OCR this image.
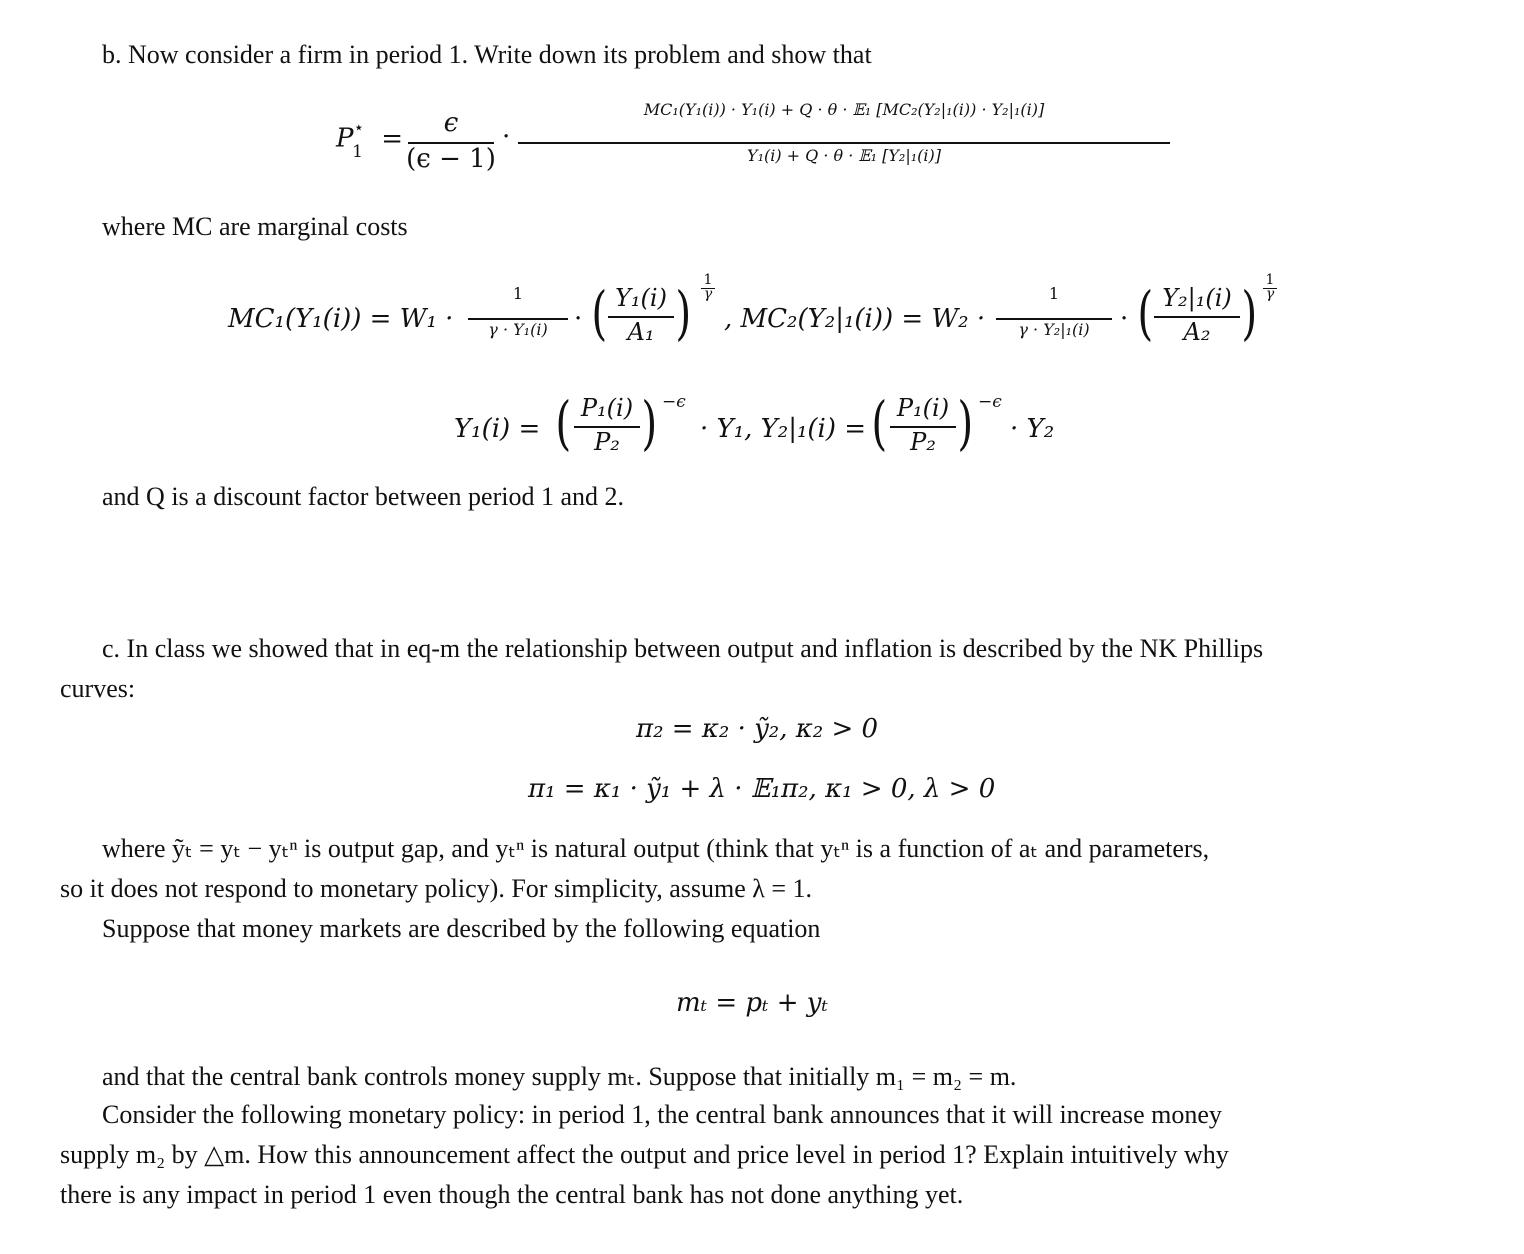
b. Now consider a firm in period 1. Write down its problem and show that
$P^⋆_1$ =
ϵ
(ϵ − 1)
·
MC₁(Y₁(i)) · Y₁(i) + Q · θ · 𝔼₁ [MC₂(Y₂|₁(i)) · Y₂|₁(i)]
Y₁(i) + Q · θ · 𝔼₁ [Y₂|₁(i)]
where MC are marginal costs
MC₁(Y₁(i)) = W₁ ·
1
γ · Y₁(i)	· ( Y₁(i)
A₁ ) 1
γ
, MC₂(Y₂|₁(i)) = W₂ ·
1
γ · Y₂|₁(i)	· ( Y₂|₁(i)
A₂ ) 1
γ
Y₁(i) = ( P₁(i)
P₂ ) −ϵ
· Y₁, Y₂|₁(i) = ( P₁(i)
P₂ ) −ϵ
· Y₂
and Q is a discount factor between period 1 and 2.
c. In class we showed that in eq-m the relationship between output and inflation is described by the NK Phillips
curves:
π₂ = κ₂ · ỹ₂, κ₂ > 0
π₁ = κ₁ · ỹ₁ + λ · 𝔼₁π₂, κ₁ > 0, λ > 0
where ỹₜ = yₜ − yₜⁿ is output gap, and yₜⁿ is natural output (think that yₜⁿ is a function of aₜ and parameters,
so it does not respond to monetary policy). For simplicity, assume λ = 1.
Suppose that money markets are described by the following equation
mₜ = pₜ + yₜ
and that the central bank controls money supply mₜ. Suppose that initially m₁ = m₂ = m.
Consider the following monetary policy: in period 1, the central bank announces that it will increase money
supply m₂ by △m. How this announcement affect the output and price level in period 1? Explain intuitively why
there is any impact in period 1 even though the central bank has not done anything yet.
